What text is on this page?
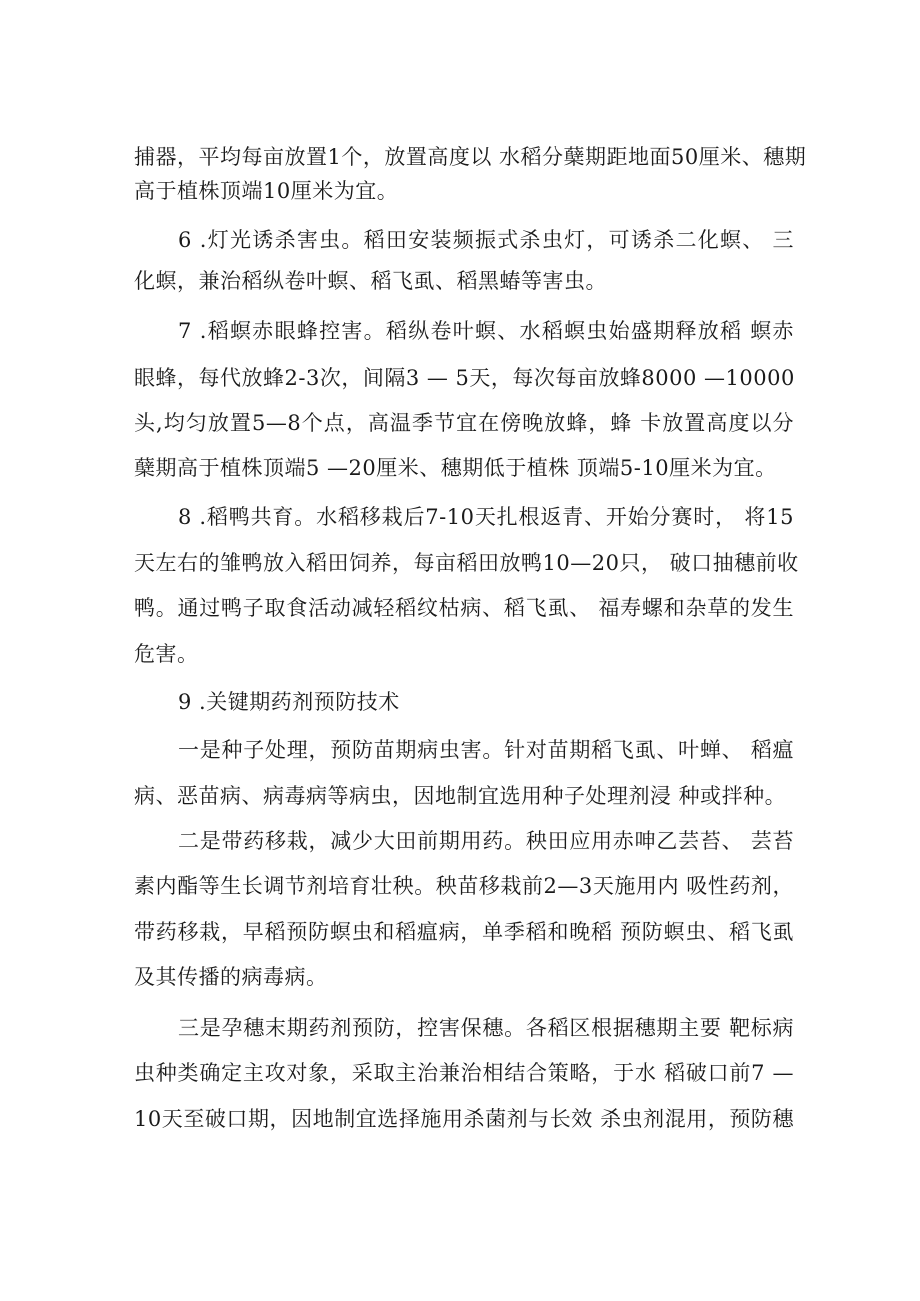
捕器，平均每亩放置1个，放置高度以 水稻分蘖期距地面50厘米、穗期
高于植株顶端10厘米为宜。
6 .灯光诱杀害虫。稻田安装频振式杀虫灯，可诱杀二化螟、 三
化螟，兼治稻纵卷叶螟、稻飞虱、稻黑蝽等害虫。
7 .稻螟赤眼蜂控害。稻纵卷叶螟、水稻螟虫始盛期释放稻 螟赤
眼蜂，每代放蜂2-3次，间隔3 — 5天，每次每亩放蜂8000 —10000
头,均匀放置5—8个点，高温季节宜在傍晚放蜂，蜂 卡放置高度以分
蘖期高于植株顶端5 —20厘米、穗期低于植株 顶端5-10厘米为宜。
8 .稻鸭共育。水稻移栽后7-10天扎根返青、开始分赛时， 将15
天左右的雏鸭放入稻田饲养，每亩稻田放鸭10—20只， 破口抽穗前收
鸭。通过鸭子取食活动减轻稻纹枯病、稻飞虱、 福寿螺和杂草的发生
危害。
9 .关键期药剂预防技术
一是种子处理，预防苗期病虫害。针对苗期稻飞虱、叶蝉、 稻瘟
病、恶苗病、病毒病等病虫，因地制宜选用种子处理剂浸 种或拌种。
二是带药移栽，减少大田前期用药。秧田应用赤呻乙芸苔、 芸苔
素内酯等生长调节剂培育壮秧。秧苗移栽前2—3天施用内 吸性药剂，
带药移栽，早稻预防螟虫和稻瘟病，单季稻和晚稻 预防螟虫、稻飞虱
及其传播的病毒病。
三是孕穗末期药剂预防，控害保穗。各稻区根据穗期主要 靶标病
虫种类确定主攻对象，采取主治兼治相结合策略，于水 稻破口前7 —
10天至破口期，因地制宜选择施用杀菌剂与长效 杀虫剂混用，预防穗
